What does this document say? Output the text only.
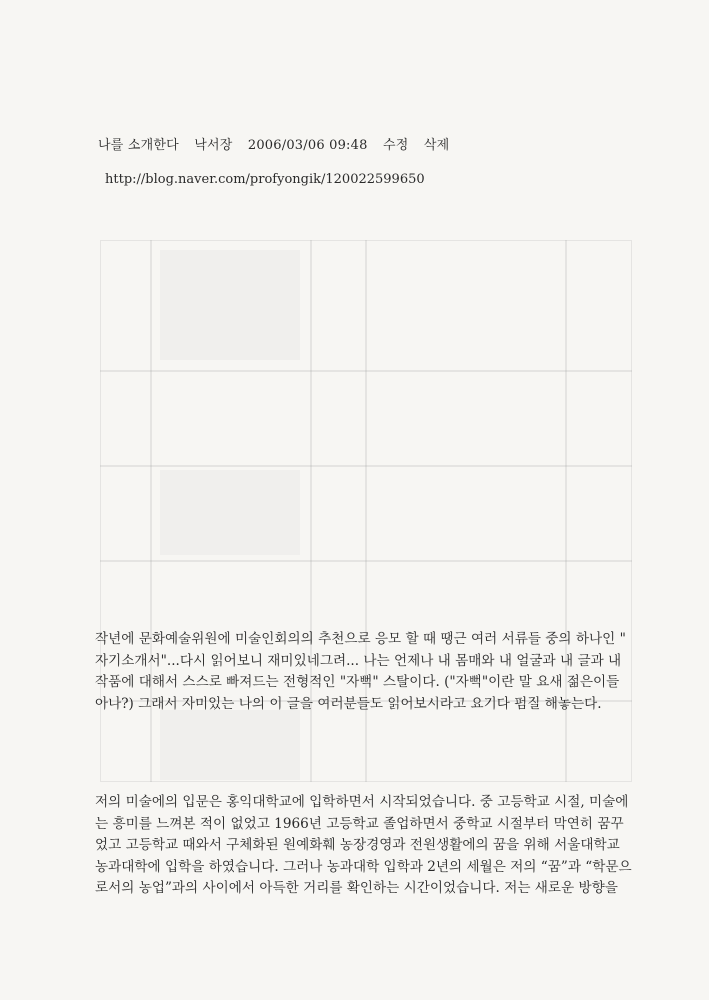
나를 소개한다 낙서장 2006/03/06 09:48 수정 삭제
http://blog.naver.com/profyongik/120022599650
작년에 문화예술위원에 미술인회의의 추천으로 응모 할 때 땡근 여러 서류들 중의 하나인 "
자기소개서"...다시 읽어보니 재미있네그려... 나는 언제나 내 몸매와 내 얼굴과 내 글과 내
작품에 대해서 스스로 빠져드는 전형적인 "자뻑" 스탈이다. ("자뻑"이란 말 요새 젊은이들
아나?) 그래서 자미있는 나의 이 글을 여러분들도 읽어보시라고 요기다 펌질 해놓는다.
저의 미술에의 입문은 홍익대학교에 입학하면서 시작되었습니다. 중 고등학교 시절, 미술에
는 흥미를 느껴본 적이 없었고 1966년 고등학교 졸업하면서 중학교 시절부터 막연히 꿈꾸
었고 고등학교 때와서 구체화된 원예화훼 농장경영과 전원생활에의 꿈을 위해 서울대학교
농과대학에 입학을 하였습니다. 그러나 농과대학 입학과 2년의 세월은 저의 “꿈”과 “학문으
로서의 농업”과의 사이에서 아득한 거리를 확인하는 시간이었습니다. 저는 새로운 방향을
